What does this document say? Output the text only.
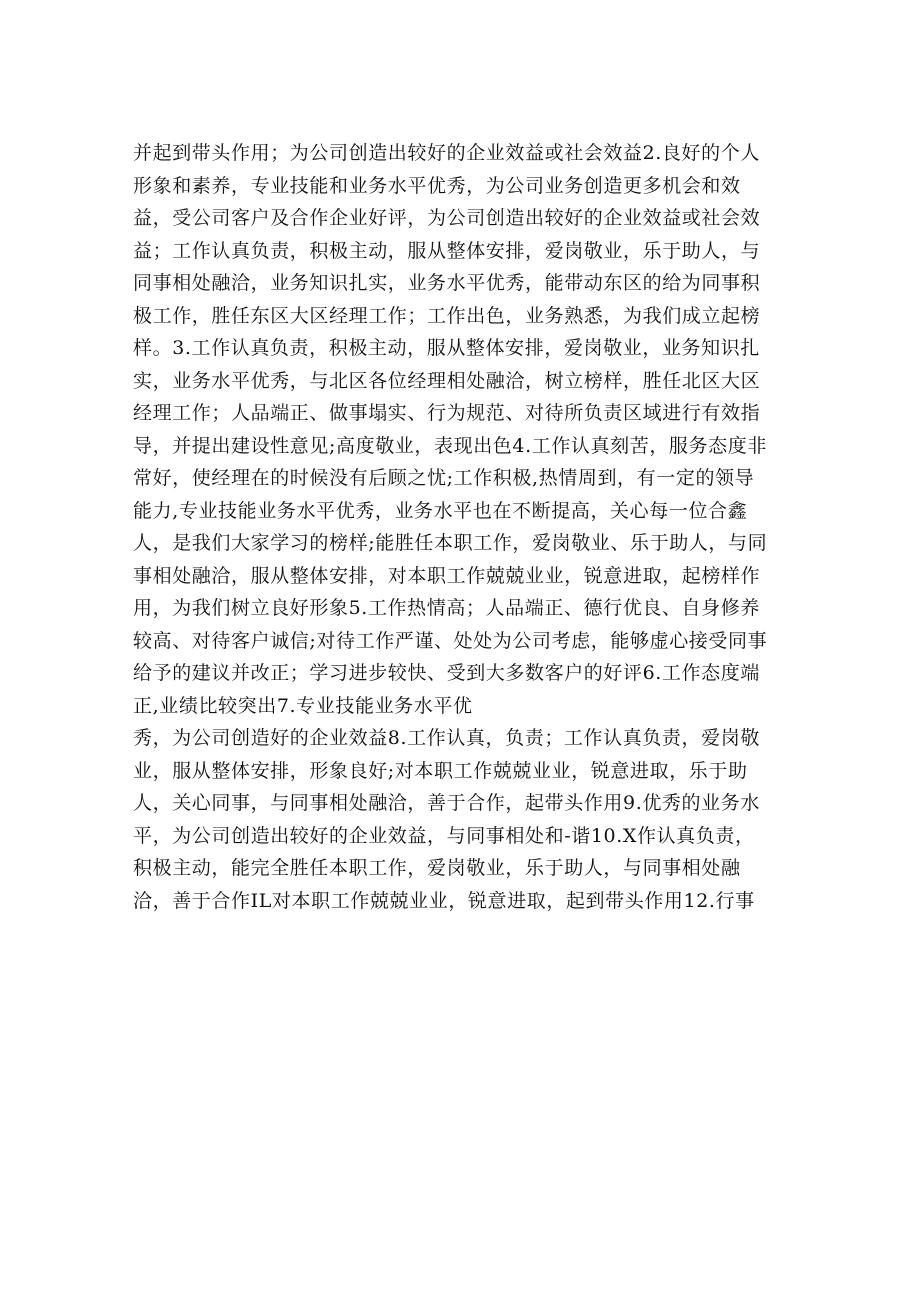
并起到带头作用；为公司创造出较好的企业效益或社会效益2.良好的个人
形象和素养，专业技能和业务水平优秀，为公司业务创造更多机会和效
益，受公司客户及合作企业好评，为公司创造出较好的企业效益或社会效
益；工作认真负责，积极主动，服从整体安排，爱岗敬业，乐于助人，与
同事相处融洽，业务知识扎实，业务水平优秀，能带动东区的给为同事积
极工作，胜任东区大区经理工作；工作出色，业务熟悉，为我们成立起榜
样。3.工作认真负责，积极主动，服从整体安排，爱岗敬业，业务知识扎
实，业务水平优秀，与北区各位经理相处融洽，树立榜样，胜任北区大区
经理工作；人品端正、做事塌实、行为规范、对待所负责区域进行有效指
导，并提出建设性意见;高度敬业，表现出色4.工作认真刻苦，服务态度非
常好，使经理在的时候没有后顾之忧;工作积极,热情周到，有一定的领导
能力,专业技能业务水平优秀，业务水平也在不断提高，关心每一位合鑫
人，是我们大家学习的榜样;能胜任本职工作，爱岗敬业、乐于助人，与同
事相处融洽，服从整体安排，对本职工作兢兢业业，锐意进取，起榜样作
用，为我们树立良好形象5.工作热情高；人品端正、德行优良、自身修养
较高、对待客户诚信;对待工作严谨、处处为公司考虑，能够虚心接受同事
给予的建议并改正；学习进步较快、受到大多数客户的好评6.工作态度端
正,业绩比较突出7.专业技能业务水平优
秀，为公司创造好的企业效益8.工作认真，负责；工作认真负责，爱岗敬
业，服从整体安排，形象良好;对本职工作兢兢业业，锐意进取，乐于助
人，关心同事，与同事相处融洽，善于合作，起带头作用9.优秀的业务水
平，为公司创造出较好的企业效益，与同事相处和-谐10.X作认真负责，
积极主动，能完全胜任本职工作，爱岗敬业，乐于助人，与同事相处融
洽，善于合作IL对本职工作兢兢业业，锐意进取，起到带头作用12.行事
